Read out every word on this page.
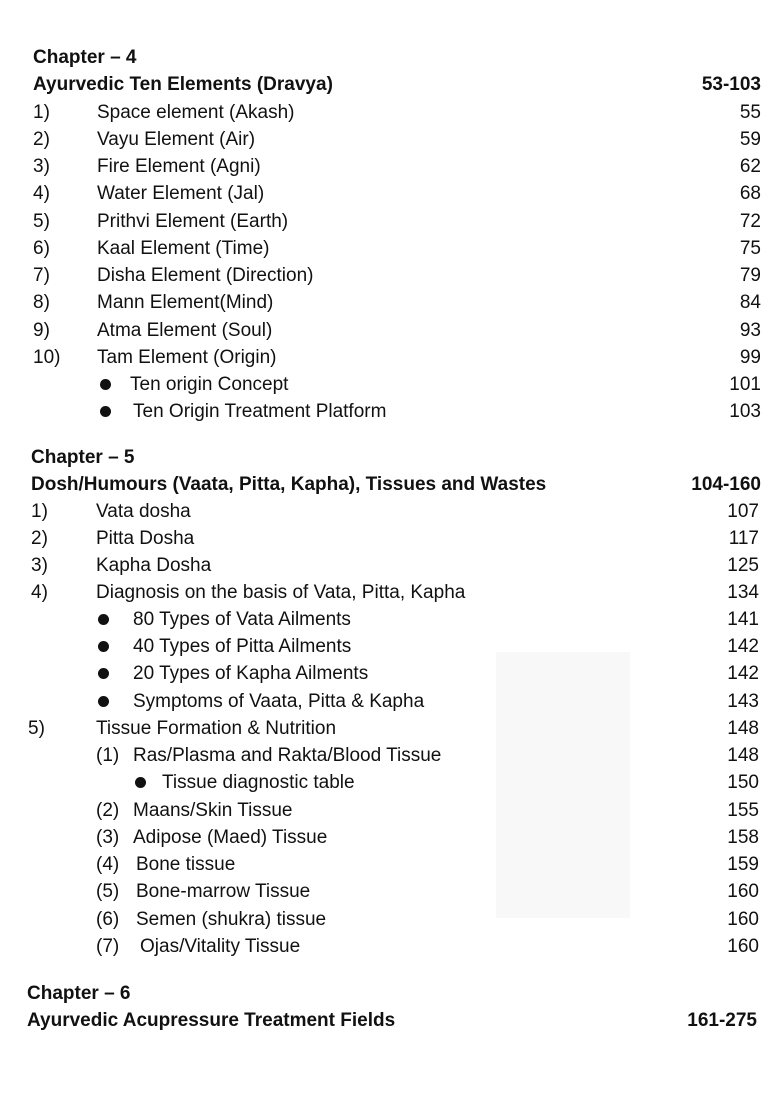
Chapter – 4
Ayurvedic Ten Elements (Dravya)	53-103
1) Space element (Akash)	55
2) Vayu Element (Air)	59
3) Fire Element (Agni)	62
4) Water Element (Jal)	68
5) Prithvi Element (Earth)	72
6) Kaal Element (Time)	75
7) Disha Element (Direction)	79
8) Mann Element(Mind)	84
9) Atma Element (Soul)	93
10) Tam Element (Origin)	99
Ten origin Concept	101
Ten Origin Treatment Platform	103
Chapter – 5
Dosh/Humours (Vaata, Pitta, Kapha), Tissues and Wastes	104-160
1)	Vata dosha	107
2)	Pitta Dosha	117
3)	Kapha Dosha	125
4)	Diagnosis on the basis of Vata, Pitta, Kapha	134
80 Types of Vata Ailments	141
40 Types of Pitta Ailments	142
20 Types of Kapha Ailments	142
Symptoms of Vaata, Pitta & Kapha	143
5)	Tissue Formation & Nutrition	148
(1) Ras/Plasma and Rakta/Blood Tissue	148
Tissue diagnostic table	150
(2) Maans/Skin Tissue	155
(3) Adipose (Maed) Tissue	158
(4) Bone tissue	159
(5) Bone-marrow Tissue	160
(6) Semen (shukra) tissue	160
(7) Ojas/Vitality Tissue	160
Chapter – 6
Ayurvedic Acupressure Treatment Fields	161-275
